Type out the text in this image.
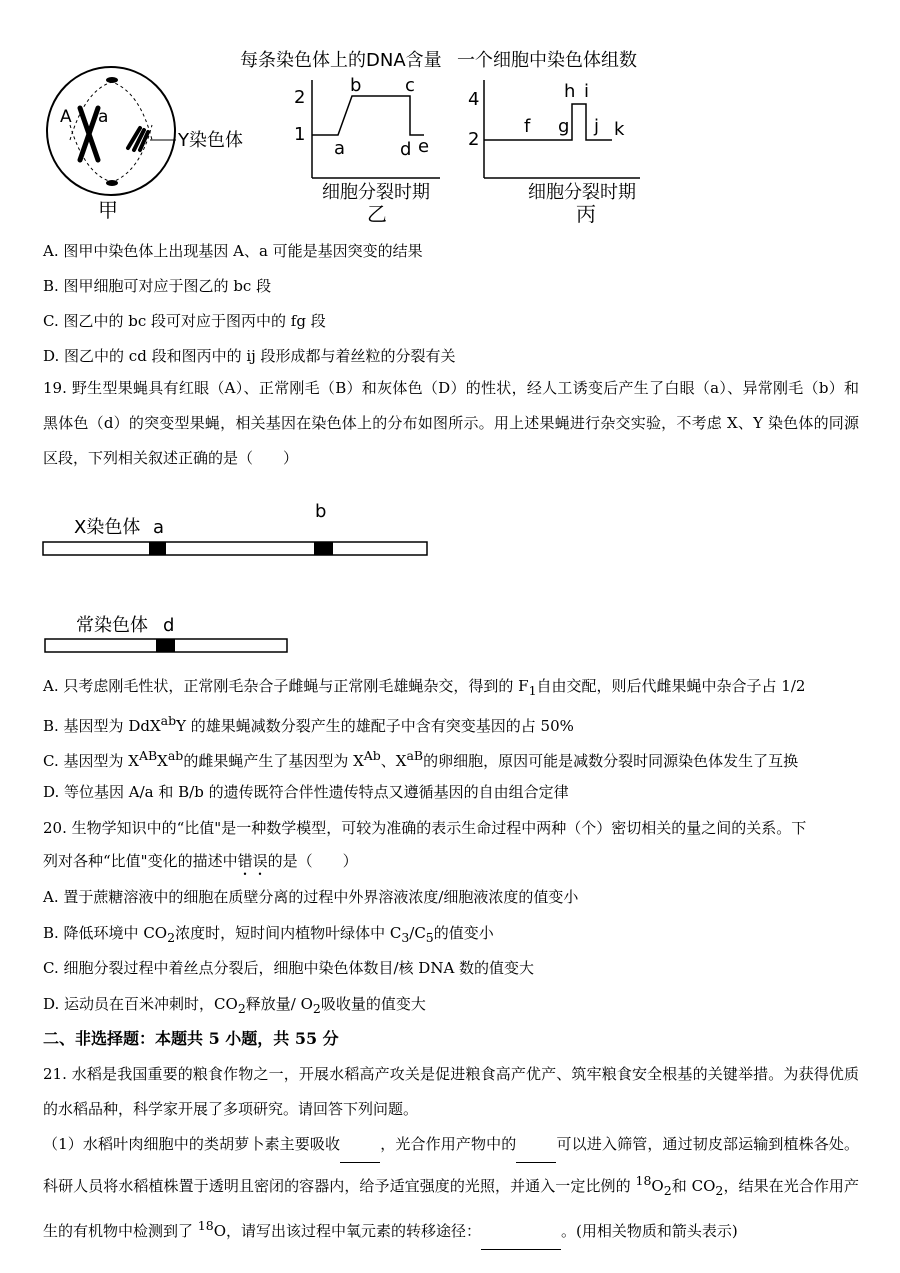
每条染色体上的DNA含量 一个细胞中染色体组数
A a
Y染色体
甲
2
1
a
b c
d e
细胞分裂时期
乙
4
2
f g
h i
j k
细胞分裂时期
丙
A. 图甲中染色体上出现基因 A、a 可能是基因突变的结果
B. 图甲细胞可对应于图乙的 bc 段
C. 图乙中的 bc 段可对应于图丙中的 fg 段
D. 图乙中的 cd 段和图丙中的 ij 段形成都与着丝粒的分裂有关
19. 野生型果蝇具有红眼（A）、正常刚毛（B）和灰体色（D）的性状，经人工诱变后产生了白眼（a）、异常刚毛（b）和黑体色（d）的突变型果蝇，相关基因在染色体上的分布如图所示。用上述果蝇进行杂交实验，不考虑 X、Y 染色体的同源区段，下列相关叙述正确的是（　　）
X染色体 a
b
常染色体 d
A. 只考虑刚毛性状，正常刚毛杂合子雌蝇与正常刚毛雄蝇杂交，得到的 $F_1$自由交配，则后代雌果蝇中杂合子占 1/2
B. 基因型为 DdX$^{ab}$Y 的雄果蝇减数分裂产生的雄配子中含有突变基因的占 50%
C. 基因型为 $X^{AB}X^{ab}$的雌果蝇产生了基因型为 $X^{Ab}$、$X^{aB}$的卵细胞，原因可能是减数分裂时同源染色体发生了互换
D. 等位基因 A/a 和 B/b 的遗传既符合伴性遗传特点又遵循基因的自由组合定律
20. 生物学知识中的“比值"是一种数学模型，可较为准确的表示生命过程中两种（个）密切相关的量之间的关系。下
列对各种“比值"变化的描述中错误的是（　　）
A. 置于蔗糖溶液中的细胞在质壁分离的过程中外界溶液浓度/细胞液浓度的值变小
B. 降低环境中 $CO_2$浓度时，短时间内植物叶绿体中 $C_3/C_5$的值变小
C. 细胞分裂过程中着丝点分裂后，细胞中染色体数目/核 DNA 数的值变大
D. 运动员在百米冲刺时，$CO_2$释放量/ $O_2$吸收量的值变大
二、非选择题：本题共 5 小题，共 55 分
21. 水稻是我国重要的粮食作物之一，开展水稻高产攻关是促进粮食高产优产、筑牢粮食安全根基的关键举措。为获得优质的水稻品种，科学家开展了多项研究。请回答下列问题。
（1）水稻叶肉细胞中的类胡萝卜素主要吸收	，光合作用产物中的	可以进入筛管，通过韧皮部运输到植株各处。科研人员将水稻植株置于透明且密闭的容器内，给予适宜强度的光照，并通入一定比例的 $^{18}O_2$和 $CO_2$，结果在光合作用产生的有机物中检测到了 $^{18}$O，请写出该过程中氧元素的转移途径：	。(用相关物质和箭头表示)
